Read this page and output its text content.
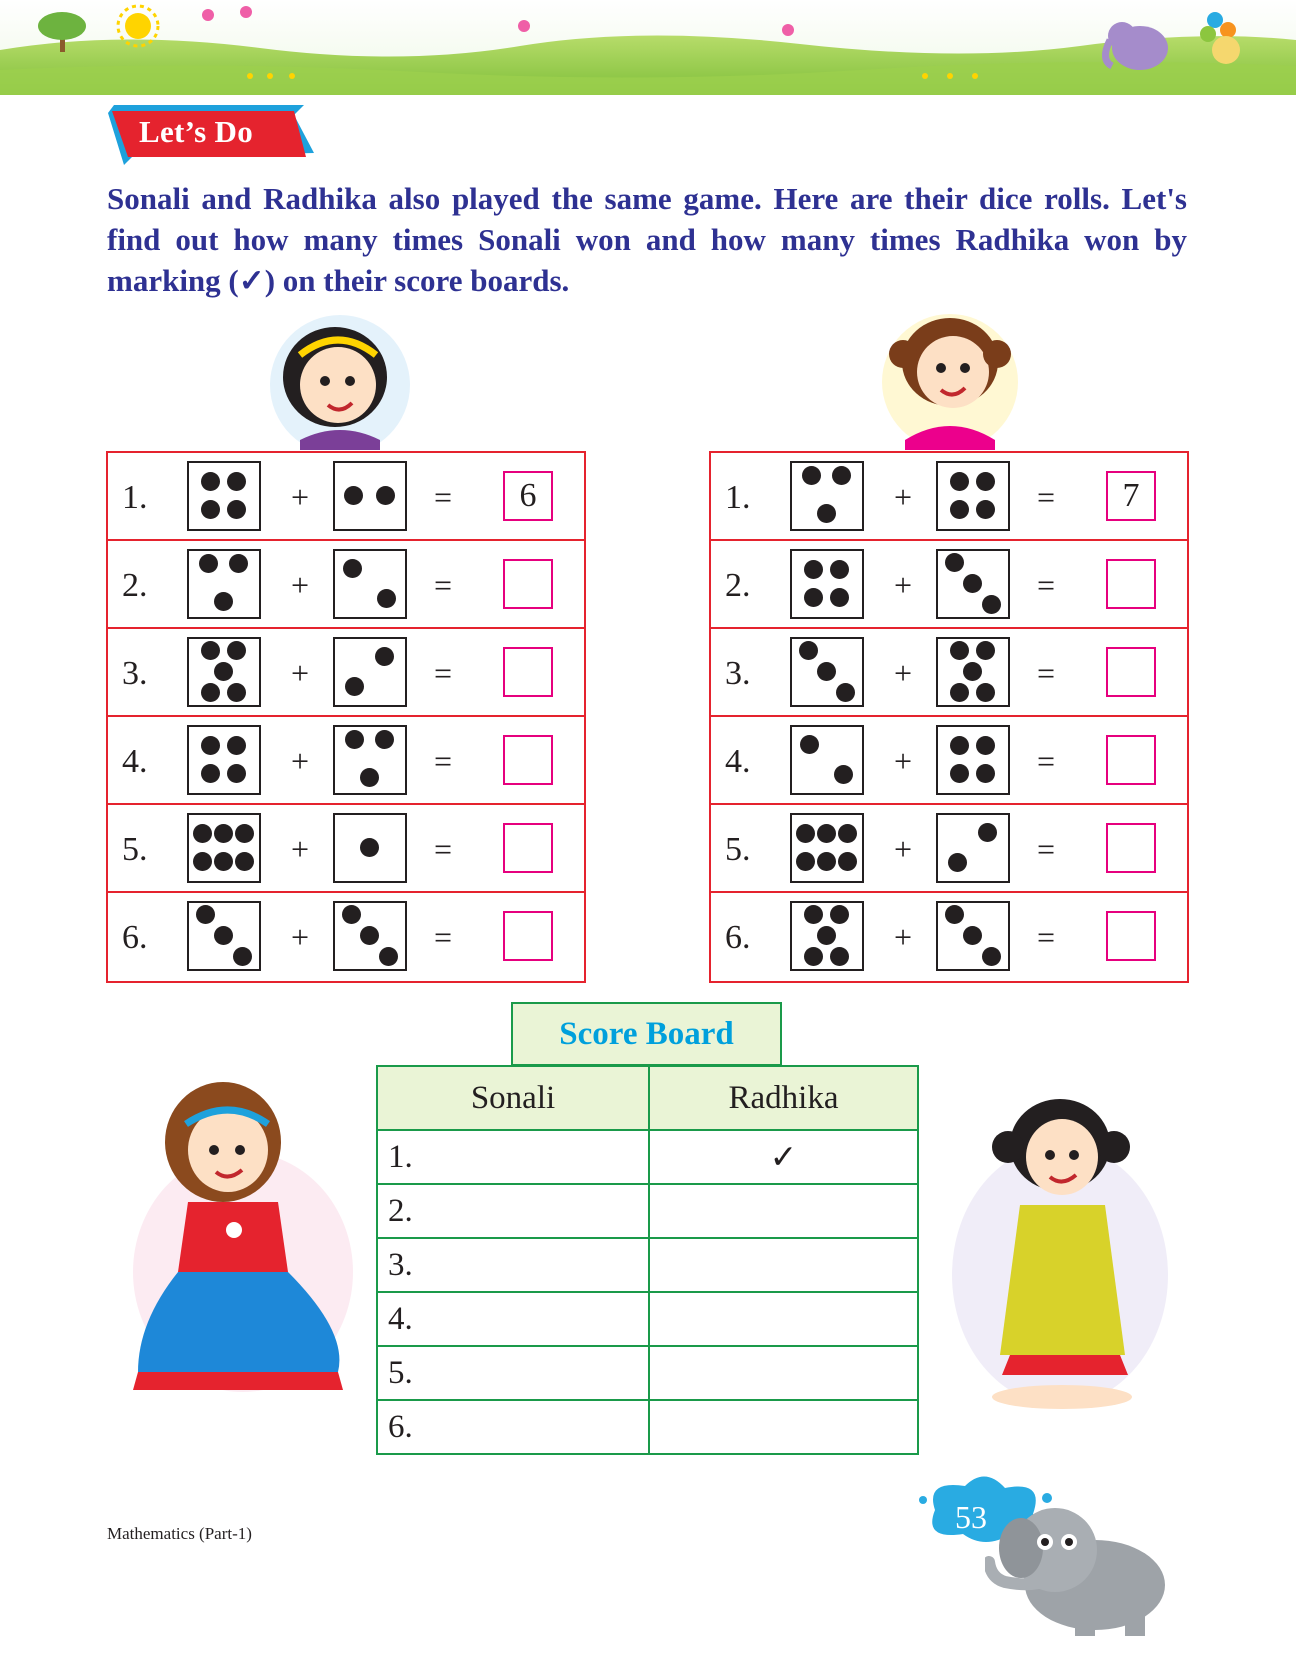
Let’s Do

Sonali and Radhika also played the same game. Here are their dice rolls. Let's find out how many times Sonali won and how many times Radhika won by marking (✓) on their score boards.

1.	+	=	6
2.	+	=
3.	+	=
4.	+	=
5.	+	=
6.	+	=
1.	+	=	7
2.	+	=
3.	+	=
4.	+	=
5.	+	=
6.	+	=
Score Board
Sonali	Radhika
1.	✓
2.	
3.	
4.	
5.	
6.	
Mathematics (Part-1)	53
